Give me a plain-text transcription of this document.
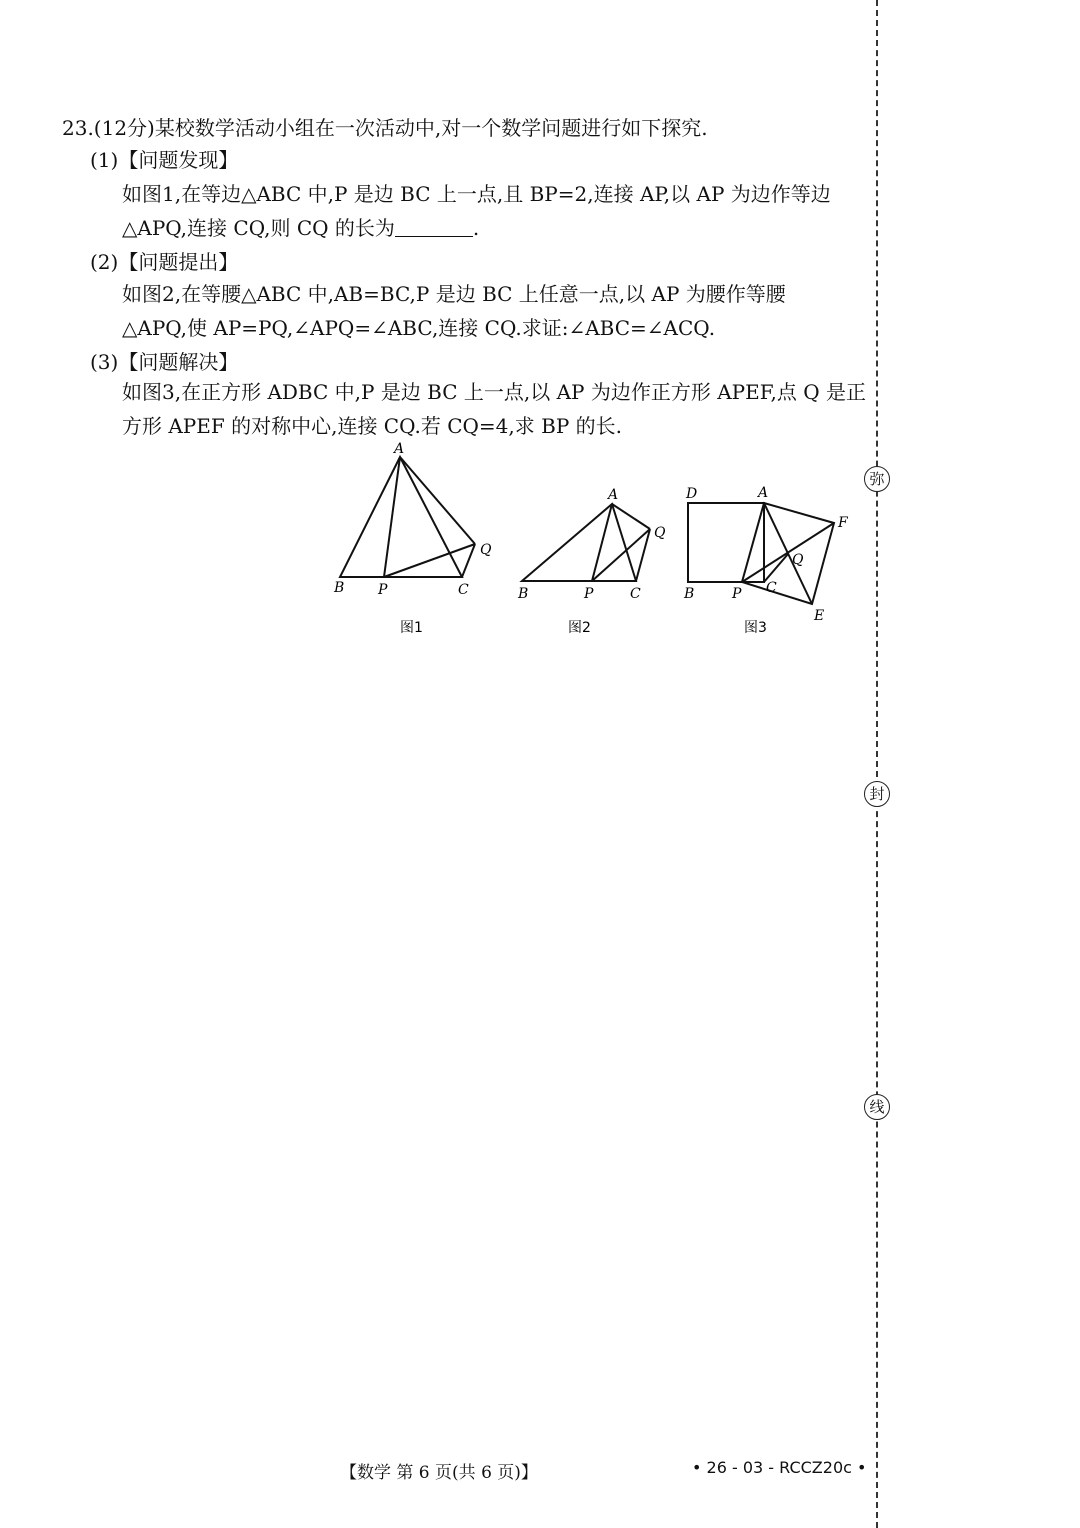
23.(12分)某校数学活动小组在一次活动中,对一个数学问题进行如下探究.
(1)【问题发现】
如图1,在等边△ABC 中,P 是边 BC 上一点,且 BP=2,连接 AP,以 AP 为边作等边
△APQ,连接 CQ,则 CQ 的长为	.
(2)【问题提出】
如图2,在等腰△ABC 中,AB=BC,P 是边 BC 上任意一点,以 AP 为腰作等腰
△APQ,使 AP=PQ,∠APQ=∠ABC,连接 CQ.求证:∠ABC=∠ACQ.
(3)【问题解决】
如图3,在正方形 ADBC 中,P 是边 BC 上一点,以 AP 为边作正方形 APEF,点 Q 是正
方形 APEF 的对称中心,连接 CQ.若 CQ=4,求 BP 的长.
A
B P	C
Q
图1
A
B	P	C
Q
图2
D	A
F
Q
B	P C
E
图3
弥
封
线
【数学 第 6 页(共 6 页)】	• 26 - 03 - RCCZ20c •
